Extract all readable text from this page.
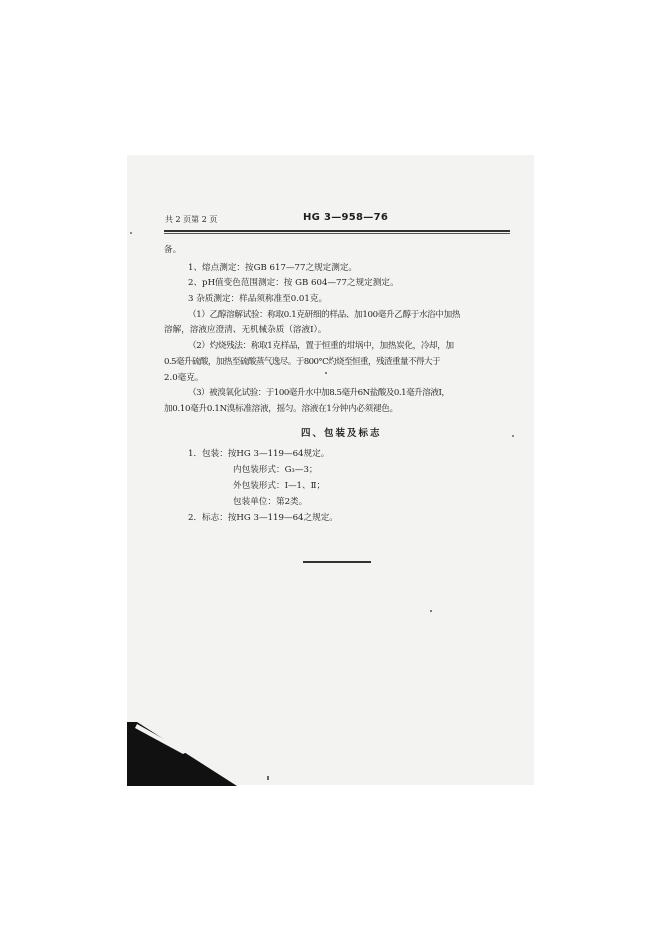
共 2 页第 2 页	HG 3—958—76
备。
1、熔点测定：按GB 617—77之规定测定。
2、pH值变色范围测定：按 GB 604—77之规定测定。
3 杂质测定：样品须称准至0.01克。
（1）乙醇溶解试验：称取0.1克研细的样品、加100毫升乙醇于水浴中加热
溶解，溶液应澄清、无机械杂质（溶液Ⅰ）。
（2）灼烧残法：称取1克样品，置于恒重的坩埚中，加热炭化，冷却，加
0.5毫升硫酸，加热至硫酸蒸气逸尽。于800°C灼烧至恒重，残渣重量不得大于
2.0毫克。
（3）被溴氧化试验：于100毫升水中加8.5毫升6N盐酸及0.1毫升溶液Ⅰ，
加0.10毫升0.1N溴标准溶液，摇匀。溶液在1分钟内必须褪色。
四、包装及标志
1．包装：按HG 3—119—64规定。
内包装形式：G₃—3；
外包装形式：Ⅰ—1、Ⅱ；
包装单位：第2类。
2．标志：按HG 3—119—64之规定。
